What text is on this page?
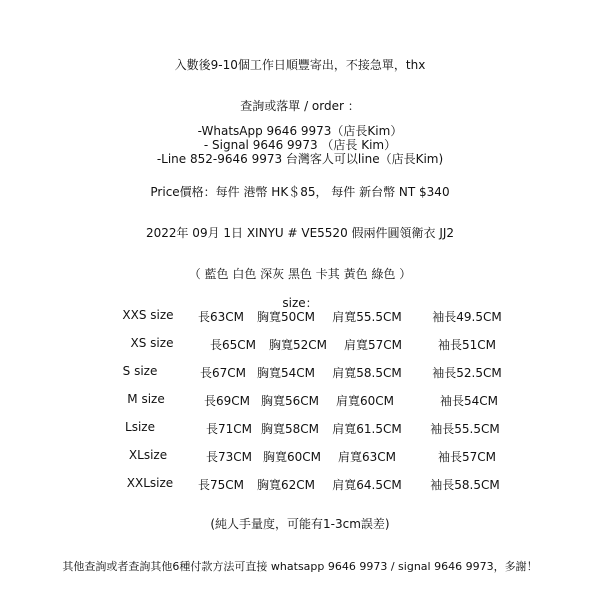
入數後9-10個工作日順豐寄出，不接急單，thx
查詢或落單 / order ：
-WhatsApp 9646 9973（店長Kim）
- Signal 9646 9973 （店長 Kim）
-Line 852-9646 9973 台灣客人可以line（店長Kim)
Price價格：每件 港幣 HK＄85， 每件 新台幣 NT $340
2022年 09月 1日 XINYU # VE5520 假兩件圓領衛衣 JJ2
（ 藍色 白色 深灰 黑色 卡其 黃色 綠色 ）
size：
XXS size	長63CM	胸寬50CM	肩寬55.5CM	袖長49.5CM
XS size	長65CM	胸寬52CM	肩寬57CM	袖長51CM
S size	長67CM 胸寬54CM	肩寬58.5CM	袖長52.5CM
M size	長69CM 胸寬56CM	肩寬60CM	袖長54CM
Lsize	長71CM 胸寬58CM	肩寬61.5CM	袖長55.5CM
XLsize	長73CM 胸寬60CM	肩寬63CM	袖長57CM
XXLsize	長75CM	胸寬62CM	肩寬64.5CM	袖長58.5CM
(純人手量度，可能有1-3cm誤差)
其他查詢或者查詢其他6種付款方法可直接 whatsapp 9646 9973 / signal 9646 9973，多謝！
